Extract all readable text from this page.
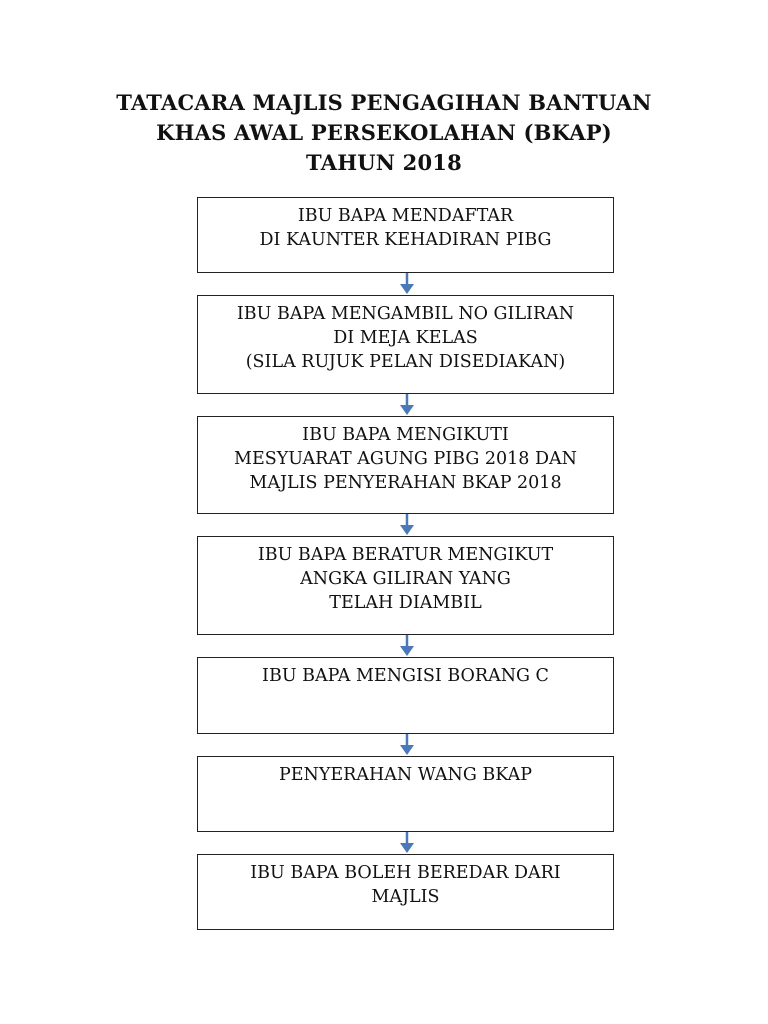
TATACARA MAJLIS PENGAGIHAN BANTUAN
KHAS AWAL PERSEKOLAHAN (BKAP)
TAHUN 2018
IBU BAPA MENDAFTAR
DI KAUNTER KEHADIRAN PIBG
IBU BAPA MENGAMBIL NO GILIRAN
DI MEJA KELAS
(SILA RUJUK PELAN DISEDIAKAN)
IBU BAPA MENGIKUTI
MESYUARAT AGUNG PIBG 2018 DAN
MAJLIS PENYERAHAN BKAP 2018
IBU BAPA BERATUR MENGIKUT
ANGKA GILIRAN YANG
TELAH DIAMBIL
IBU BAPA MENGISI BORANG C
PENYERAHAN WANG BKAP
IBU BAPA BOLEH BEREDAR DARI
MAJLIS
